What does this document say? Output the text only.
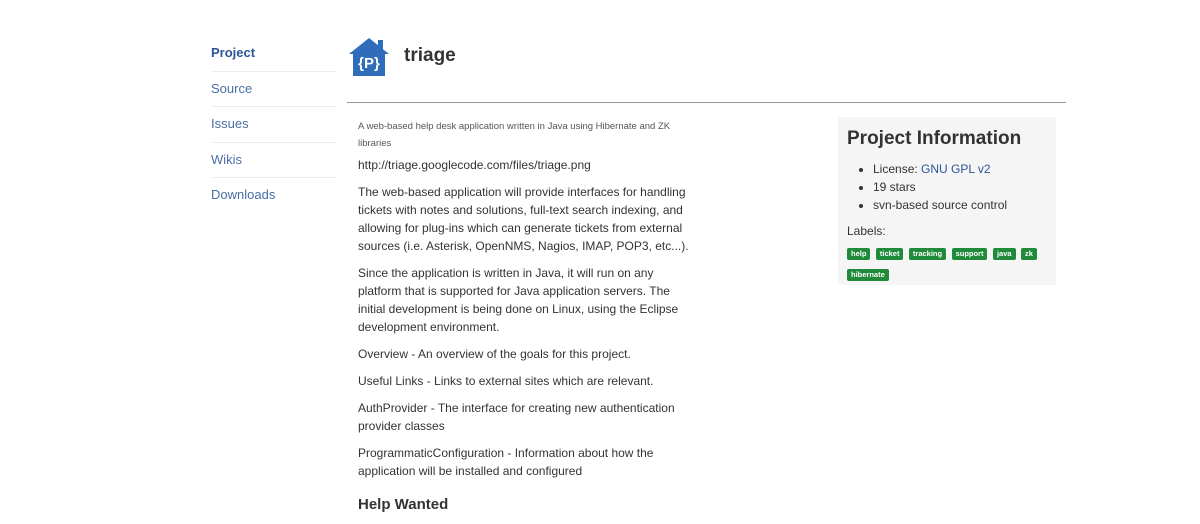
Project
Source
Issues
Wikis
Downloads
{P} triage

A web-based help desk application written in Java using Hibernate and ZK libraries

http://triage.googlecode.com/files/triage.png

The web-based application will provide interfaces for handling tickets with notes and solutions, full-text search indexing, and allowing for plug-ins which can generate tickets from external sources (i.e. Asterisk, OpenNMS, Nagios, IMAP, POP3, etc...).

Since the application is written in Java, it will run on any platform that is supported for Java application servers. The initial development is being done on Linux, using the Eclipse development environment.

Overview - An overview of the goals for this project.

Useful Links - Links to external sites which are relevant.

AuthProvider - The interface for creating new authentication provider classes

ProgrammaticConfiguration - Information about how the application will be installed and configured

Help Wanted
Project Information
• License: GNU GPL v2
• 19 stars
• svn-based source control
Labels:
help ticket tracking support java zk hibernate
